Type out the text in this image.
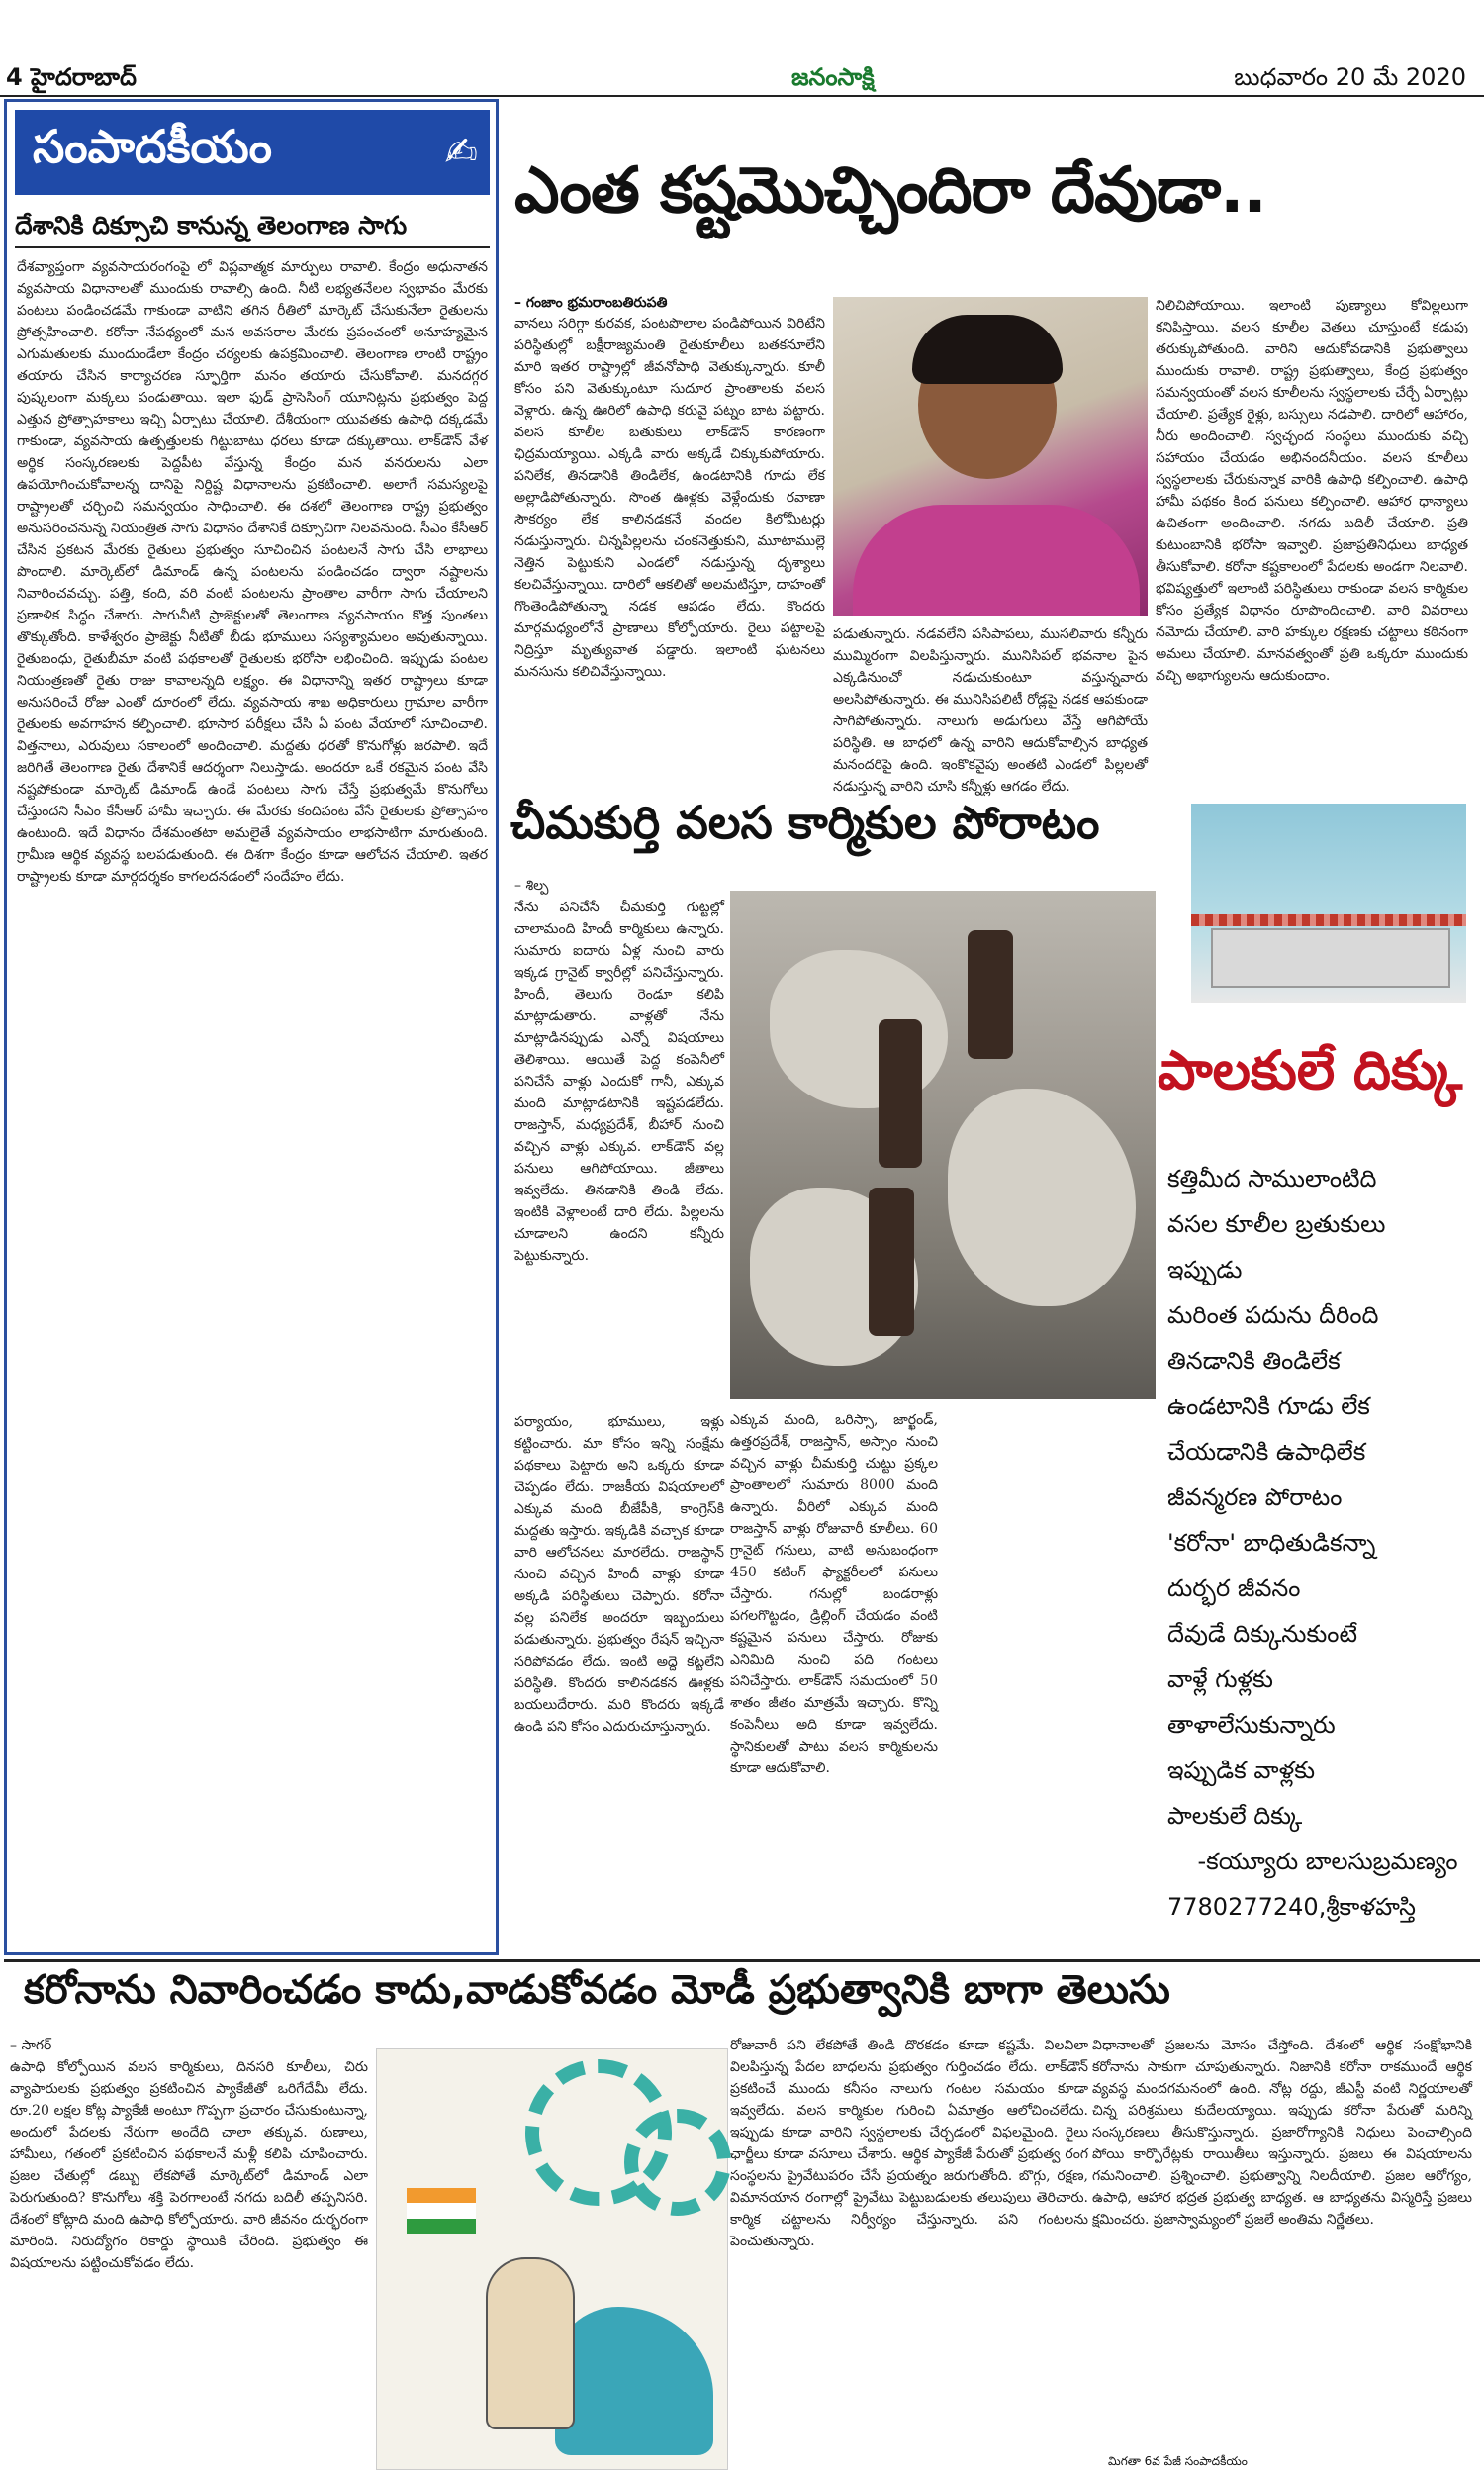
4 హైదరాబాద్	జనంసాక్షి	బుధవారం 20 మే 2020
సంపాదకీయం	✍
దేశానికి దిక్సూచి కానున్న తెలంగాణ సాగు
దేశవ్యాప్తంగా వ్యవసాయరంగంపై లో విప్లవాత్మక మార్పులు రావాలి. కేంద్రం అధునాతన వ్యవసాయ విధానాలతో ముందుకు రావాల్సి ఉంది. నీటి లభ్యతనేలల స్వభావం మేరకు పంటలు పండించడమే గాకుండా వాటిని తగిన రీతిలో మార్కెట్ చేసుకునేలా రైతులను ప్రోత్సహించాలి. కరోనా నేపథ్యంలో మన అవసరాల మేరకు ప్రపంచంలో అనూహ్యమైన ఎగుమతులకు ముందుండేలా కేంద్రం చర్యలకు ఉపక్రమించాలి. తెలంగాణ లాంటి రాష్ట్రం తయారు చేసిన కార్యాచరణ స్ఫూర్తిగా మనం తయారు చేసుకోవాలి. మనదగ్గర పుష్కలంగా మక్కలు పండుతాయి. ఇలా ఫుడ్ ప్రాసెసింగ్ యూనిట్లను ప్రభుత్వం పెద్ద ఎత్తున ప్రోత్సాహకాలు ఇచ్చి ఏర్పాటు చేయాలి. దేశీయంగా యువతకు ఉపాధి దక్కడమే గాకుండా, వ్యవసాయ ఉత్పత్తులకు గిట్టుబాటు ధరలు కూడా దక్కుతాయి. లాక్‌డౌన్ వేళ అర్థిక సంస్కరణలకు పెద్దపీట వేస్తున్న కేంద్రం మన వనరులను ఎలా ఉపయోగించుకోవాలన్న దానిపై నిర్దిష్ట విధానాలను ప్రకటించాలి. అలాగే సమస్యలపై రాష్ట్రాలతో చర్చించి సమన్వయం సాధించాలి. ఈ దశలో తెలంగాణ రాష్ట్ర ప్రభుత్వం అనుసరించనున్న నియంత్రిత సాగు విధానం దేశానికే దిక్సూచిగా నిలవనుంది. సీఎం కేసీఆర్ చేసిన ప్రకటన మేరకు రైతులు ప్రభుత్వం సూచించిన పంటలనే సాగు చేసి లాభాలు పొందాలి. మార్కెట్‌లో డిమాండ్ ఉన్న పంటలను పండించడం ద్వారా నష్టాలను నివారించవచ్చు. పత్తి, కంది, వరి వంటి పంటలను ప్రాంతాల వారీగా సాగు చేయాలని ప్రణాళిక సిద్ధం చేశారు. సాగునీటి ప్రాజెక్టులతో తెలంగాణ వ్యవసాయం కొత్త పుంతలు తొక్కుతోంది. కాళేశ్వరం ప్రాజెక్టు నీటితో బీడు భూములు సస్యశ్యామలం అవుతున్నాయి. రైతుబంధు, రైతుబీమా వంటి పథకాలతో రైతులకు భరోసా లభించింది. ఇప్పుడు పంటల నియంత్రణతో రైతు రాజు కావాలన్నది లక్ష్యం. ఈ విధానాన్ని ఇతర రాష్ట్రాలు కూడా అనుసరించే రోజు ఎంతో దూరంలో లేదు. వ్యవసాయ శాఖ అధికారులు గ్రామాల వారీగా రైతులకు అవగాహన కల్పించాలి. భూసార పరీక్షలు చేసి ఏ పంట వేయాలో సూచించాలి. విత్తనాలు, ఎరువులు సకాలంలో అందించాలి. మద్దతు ధరతో కొనుగోళ్లు జరపాలి. ఇదే జరిగితే తెలంగాణ రైతు దేశానికే ఆదర్శంగా నిలుస్తాడు. అందరూ ఒకే రకమైన పంట వేసి నష్టపోకుండా మార్కెట్ డిమాండ్ ఉండే పంటలు సాగు చేస్తే ప్రభుత్వమే కొనుగోలు చేస్తుందని సీఎం కేసీఆర్ హామీ ఇచ్చారు. ఈ మేరకు కందిపంట వేసే రైతులకు ప్రోత్సాహం ఉంటుంది. ఇదే విధానం దేశమంతటా అమలైతే వ్యవసాయం లాభసాటిగా మారుతుంది. గ్రామీణ ఆర్థిక వ్యవస్థ బలపడుతుంది. ఈ దిశగా కేంద్రం కూడా ఆలోచన చేయాలి. ఇతర రాష్ట్రాలకు కూడా మార్గదర్శకం కాగలదనడంలో సందేహం లేదు.
ఎంత కష్టమొచ్చిందిరా దేవుడా..
– గంజాం భ్రమరాంబతిరుపతి
వానలు సరిగ్గా కురవక, పంటపొలాల పండిపోయిన విరిటేని పరిస్థితుల్లో బక్షీరాజ్యమంతి రైతుకూలీలు బతకనూలేని మారి ఇతర రాష్ట్రాల్లో జీవనోపాధి వెతుక్కున్నారు. కూలీ కోసం పని వెతుక్కుంటూ సుదూర ప్రాంతాలకు వలస వెళ్లారు. ఉన్న ఊరిలో ఉపాధి కరువై పట్నం బాట పట్టారు. వలస కూలీల బతుకులు లాక్‌డౌన్ కారణంగా ఛిద్రమయ్యాయి. ఎక్కడి వారు అక్కడే చిక్కుకుపోయారు. పనిలేక, తినడానికి తిండిలేక, ఉండటానికి గూడు లేక అల్లాడిపోతున్నారు. సొంత ఊళ్లకు వెళ్లేందుకు రవాణా సౌకర్యం లేక కాలినడకనే వందల కిలోమీటర్లు నడుస్తున్నారు. చిన్నపిల్లలను చంకనెత్తుకుని, మూటాముల్లె నెత్తిన పెట్టుకుని ఎండలో నడుస్తున్న దృశ్యాలు కలచివేస్తున్నాయి. దారిలో ఆకలితో అలమటిస్తూ, దాహంతో గొంతెండిపోతున్నా నడక ఆపడం లేదు. కొందరు మార్గమధ్యంలోనే ప్రాణాలు కోల్పోయారు. రైలు పట్టాలపై నిద్రిస్తూ మృత్యువాత పడ్డారు. ఇలాంటి ఘటనలు మనసును కలిచివేస్తున్నాయి.
పడుతున్నారు. నడవలేని పసిపాపలు, ముసలివారు కన్నీరు ముమ్మిరంగా విలపిస్తున్నారు. మునిసిపల్ భవనాల పైన ఎక్కడినుంచో నడుచుకుంటూ వస్తున్నవారు అలసిపోతున్నారు. ఈ మునిసిపలిటీ రోడ్లపై నడక ఆపకుండా సాగిపోతున్నారు. నాలుగు అడుగులు వేస్తే ఆగిపోయే పరిస్థితి. ఆ బాధలో ఉన్న వారిని ఆదుకోవాల్సిన బాధ్యత మనందరిపై ఉంది. ఇంకొకవైపు అంతటి ఎండలో పిల్లలతో నడుస్తున్న వారిని చూసి కన్నీళ్లు ఆగడం లేదు.
నిలిచిపోయాయి. ఇలాంటి పుణ్యాలు కోవిల్లలుగా కనిపిస్తాయి. వలస కూలీల వెతలు చూస్తుంటే కడుపు తరుక్కుపోతుంది. వారిని ఆదుకోవడానికి ప్రభుత్వాలు ముందుకు రావాలి. రాష్ట్ర ప్రభుత్వాలు, కేంద్ర ప్రభుత్వం సమన్వయంతో వలస కూలీలను స్వస్థలాలకు చేర్చే ఏర్పాట్లు చేయాలి. ప్రత్యేక రైళ్లు, బస్సులు నడపాలి. దారిలో ఆహారం, నీరు అందించాలి. స్వచ్ఛంద సంస్థలు ముందుకు వచ్చి సహాయం చేయడం అభినందనీయం. వలస కూలీలు స్వస్థలాలకు చేరుకున్నాక వారికి ఉపాధి కల్పించాలి. ఉపాధి హామీ పథకం కింద పనులు కల్పించాలి. ఆహార ధాన్యాలు ఉచితంగా అందించాలి. నగదు బదిలీ చేయాలి. ప్రతి కుటుంబానికి భరోసా ఇవ్వాలి. ప్రజాప్రతినిధులు బాధ్యత తీసుకోవాలి. కరోనా కష్టకాలంలో పేదలకు అండగా నిలవాలి. భవిష్యత్తులో ఇలాంటి పరిస్థితులు రాకుండా వలస కార్మికుల కోసం ప్రత్యేక విధానం రూపొందించాలి. వారి వివరాలు నమోదు చేయాలి. వారి హక్కుల రక్షణకు చట్టాలు కఠినంగా అమలు చేయాలి. మానవత్వంతో ప్రతి ఒక్కరూ ముందుకు వచ్చి అభాగ్యులను ఆదుకుందాం.
చీమకుర్తి వలస కార్మికుల పోరాటం
– శిల్ప
నేను పనిచేసే చీమకుర్తి గుట్టల్లో చాలామంది హిందీ కార్మికులు ఉన్నారు. సుమారు ఐదారు ఏళ్ల నుంచి వారు ఇక్కడ గ్రానైట్ క్వారీల్లో పనిచేస్తున్నారు. హిందీ, తెలుగు రెండూ కలిపి మాట్లాడుతారు. వాళ్లతో నేను మాట్లాడినప్పుడు ఎన్నో విషయాలు తెలిశాయి. ఆయితే పెద్ద కంపెనీలో పనిచేసే వాళ్లు ఎందుకో గానీ, ఎక్కువ మంది మాట్లాడటానికి ఇష్టపడలేదు. రాజస్తాన్, మధ్యప్రదేశ్, బీహార్ నుంచి వచ్చిన వాళ్లు ఎక్కువ. లాక్‌డౌన్ వల్ల పనులు ఆగిపోయాయి. జీతాలు ఇవ్వలేదు. తినడానికి తిండి లేదు. ఇంటికి వెళ్లాలంటే దారి లేదు. పిల్లలను చూడాలని ఉందని కన్నీరు పెట్టుకున్నారు.
పర్యాయం, భూములు, ఇళ్లు కట్టించారు. మా కోసం ఇన్ని సంక్షేమ పథకాలు పెట్టారు అని ఒక్కరు కూడా చెప్పడం లేదు. రాజకీయ విషయాలలో ఎక్కువ మంది బీజేపీకి, కాంగ్రెస్‌కి మద్దతు ఇస్తారు. ఇక్కడికి వచ్చాక కూడా వారి ఆలోచనలు మారలేదు. రాజస్థాన్ నుంచి వచ్చిన హిందీ వాళ్లు కూడా అక్కడి పరిస్థితులు చెప్పారు. కరోనా వల్ల పనిలేక అందరూ ఇబ్బందులు పడుతున్నారు. ప్రభుత్వం రేషన్ ఇచ్చినా సరిపోవడం లేదు. ఇంటి అద్దె కట్టలేని పరిస్థితి. కొందరు కాలినడకన ఊళ్లకు బయలుదేరారు. మరి కొందరు ఇక్కడే ఉండి పని కోసం ఎదురుచూస్తున్నారు.
ఎక్కువ మంది, ఒరిస్సా, జార్ఖండ్, ఉత్తరప్రదేశ్, రాజస్తాన్, అస్సాం నుంచి వచ్చిన వాళ్లు చీమకుర్తి చుట్టు ప్రక్కల ప్రాంతాలలో సుమారు 8000 మంది ఉన్నారు. వీరిలో ఎక్కువ మంది రాజస్తాన్ వాళ్లు రోజువారీ కూలీలు. 60 గ్రానైట్ గనులు, వాటి అనుబంధంగా 450 కటింగ్ ఫ్యాక్టరీలలో పనులు చేస్తారు. గనుల్లో బండరాళ్లు పగలగొట్టడం, డ్రిల్లింగ్ చేయడం వంటి కష్టమైన పనులు చేస్తారు. రోజుకు ఎనిమిది నుంచి పది గంటలు పనిచేస్తారు. లాక్‌డౌన్ సమయంలో 50 శాతం జీతం మాత్రమే ఇచ్చారు. కొన్ని కంపెనీలు అది కూడా ఇవ్వలేదు. స్థానికులతో పాటు వలస కార్మికులను కూడా ఆదుకోవాలి.
పాలకులే దిక్కు
కత్తిమీద సాములాంటిది
వసల కూలీల బ్రతుకులు
ఇప్పుడు
మరింత పదును దీరింది
తినడానికి తిండిలేక
ఉండటానికి గూడు లేక
చేయడానికి ఉపాధిలేక
జీవన్మరణ పోరాటం
'కరోనా' బాధితుడికన్నా
దుర్భర జీవనం
దేవుడే దిక్కునుకుంటే
వాళ్లే గుళ్లకు
తాళాలేసుకున్నారు
ఇప్పుడిక వాళ్లకు
పాలకులే దిక్కు
-కయ్యూరు బాలసుబ్రమణ్యం
7780277240,శ్రీకాళహస్తి
కరోనాను నివారించడం కాదు,వాడుకోవడం మోడీ ప్రభుత్వానికి బాగా తెలుసు
– సాగర్
ఉపాధి కోల్పోయిన వలస కార్మికులు, దినసరి కూలీలు, చిరు వ్యాపారులకు ప్రభుత్వం ప్రకటించిన ప్యాకేజీతో ఒరిగేదేమీ లేదు. రూ.20 లక్షల కోట్ల ప్యాకేజీ అంటూ గొప్పగా ప్రచారం చేసుకుంటున్నా, అందులో పేదలకు నేరుగా అందేది చాలా తక్కువ. రుణాలు, హామీలు, గతంలో ప్రకటించిన పథకాలనే మళ్లీ కలిపి చూపించారు. ప్రజల చేతుల్లో డబ్బు లేకపోతే మార్కెట్‌లో డిమాండ్ ఎలా పెరుగుతుంది? కొనుగోలు శక్తి పెరగాలంటే నగదు బదిలీ తప్పనిసరి. దేశంలో కోట్లాది మంది ఉపాధి కోల్పోయారు. వారి జీవనం దుర్భరంగా మారింది. నిరుద్యోగం రికార్డు స్థాయికి చేరింది. ప్రభుత్వం ఈ విషయాలను పట్టించుకోవడం లేదు.
రోజువారీ పని లేకపోతే తిండి దొరకడం కూడా కష్టమే. విలవిలా విలపిస్తున్న పేదల బాధలను ప్రభుత్వం గుర్తించడం లేదు. లాక్‌డౌన్ ప్రకటించే ముందు కనీసం నాలుగు గంటల సమయం కూడా ఇవ్వలేదు. వలస కార్మికుల గురించి ఏమాత్రం ఆలోచించలేదు. ఇప్పుడు కూడా వారిని స్వస్థలాలకు చేర్చడంలో విఫలమైంది. రైలు ఛార్జీలు కూడా వసూలు చేశారు. ఆర్థిక ప్యాకేజీ పేరుతో ప్రభుత్వ రంగ సంస్థలను ప్రైవేటుపరం చేసే ప్రయత్నం జరుగుతోంది. బొగ్గు, రక్షణ, విమానయాన రంగాల్లో ప్రైవేటు పెట్టుబడులకు తలుపులు తెరిచారు. కార్మిక చట్టాలను నిర్వీర్యం చేస్తున్నారు. పని గంటలను పెంచుతున్నారు.
విధానాలతో ప్రజలను మోసం చేస్తోంది. దేశంలో ఆర్థిక సంక్షోభానికి కరోనాను సాకుగా చూపుతున్నారు. నిజానికి కరోనా రాకముందే ఆర్థిక వ్యవస్థ మందగమనంలో ఉంది. నోట్ల రద్దు, జీఎస్టీ వంటి నిర్ణయాలతో చిన్న పరిశ్రమలు కుదేలయ్యాయి. ఇప్పుడు కరోనా పేరుతో మరిన్ని సంస్కరణలు తీసుకొస్తున్నారు. ప్రజారోగ్యానికి నిధులు పెంచాల్సింది పోయి కార్పొరేట్లకు రాయితీలు ఇస్తున్నారు. ప్రజలు ఈ విషయాలను గమనించాలి. ప్రశ్నించాలి. ప్రభుత్వాన్ని నిలదీయాలి. ప్రజల ఆరోగ్యం, ఉపాధి, ఆహార భద్రత ప్రభుత్వ బాధ్యత. ఆ బాధ్యతను విస్మరిస్తే ప్రజలు క్షమించరు. ప్రజాస్వామ్యంలో ప్రజలే అంతిమ నిర్ణేతలు.
మిగతా 6వ పేజీ సంపాదకీయం
